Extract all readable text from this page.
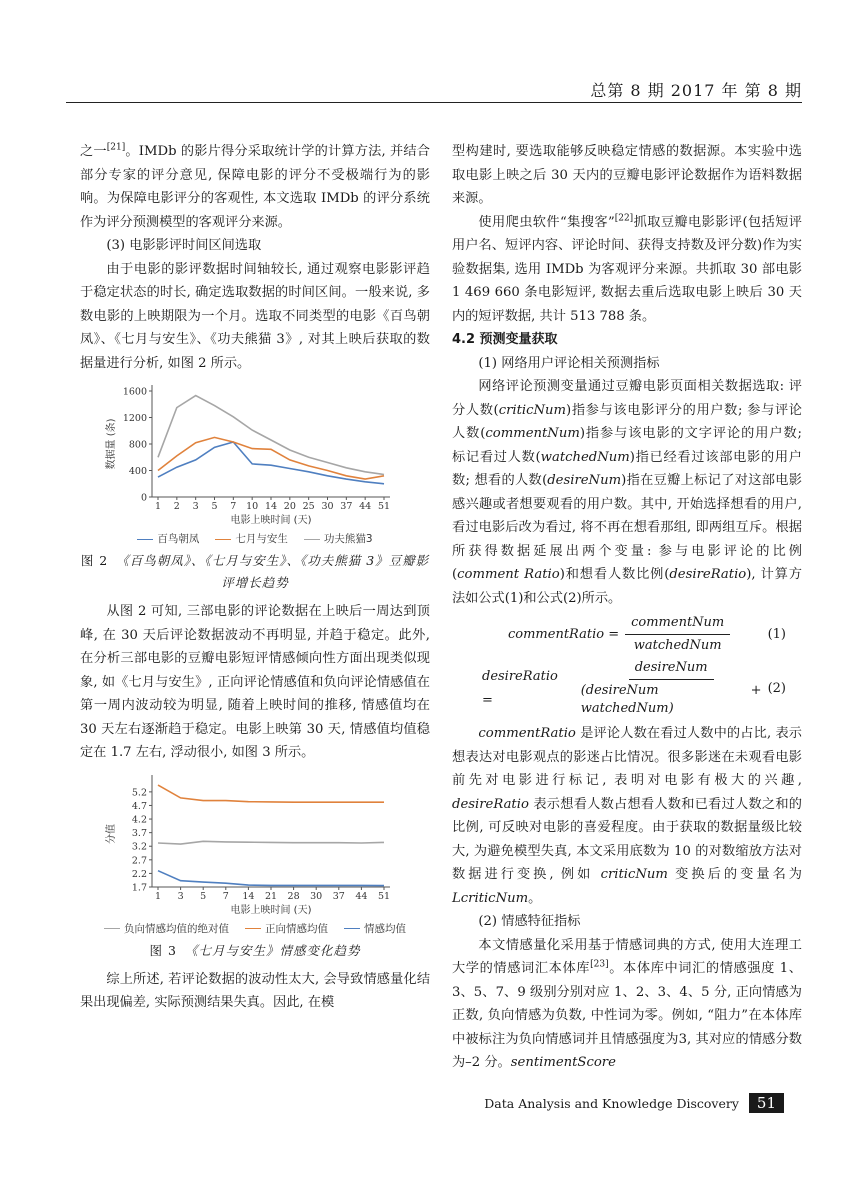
总第 8 期 2017 年 第 8 期

之一[21]。IMDb 的影片得分采取统计学的计算方法, 并结合部分专家的评分意见, 保障电影的评分不受极端行为的影响。为保障电影评分的客观性, 本文选取 IMDb 的评分系统作为评分预测模型的客观评分来源。

(3) 电影影评时间区间选取

由于电影的影评数据时间轴较长, 通过观察电影影评趋于稳定状态的时长, 确定选取数据的时间区间。一般来说, 多数电影的上映期限为一个月。选取不同类型的电影《百鸟朝凤》、《七月与安生》、《功夫熊猫 3》, 对其上映后获取的数据量进行分析, 如图 2 所示。

0
400
800
1200
1600
1 2 3 5 7 10 14 20 25 30 37 44 51
电影上映时间 (天)
数据量 (条)
百鸟朝凤	七月与安生	功夫熊猫3
图 2 《百鸟朝凤》、《七月与安生》、《功夫熊猫 3》豆瓣影评增长趋势

从图 2 可知, 三部电影的评论数据在上映后一周达到顶峰, 在 30 天后评论数据波动不再明显, 并趋于稳定。此外, 在分析三部电影的豆瓣电影短评情感倾向性方面出现类似现象, 如《七月与安生》, 正向评论情感值和负向评论情感值在第一周内波动较为明显, 随着上映时间的推移, 情感值均在 30 天左右逐渐趋于稳定。电影上映第 30 天, 情感值均值稳定在 1.7 左右, 浮动很小, 如图 3 所示。

1.7
2.2
2.7
3.2
3.7
4.2
4.7
5.2
1 3 5 7 14 21 28 30 37 44 51
电影上映时间 (天)
分值
负向情感均值的绝对值	正向情感均值	情感均值
图 3 《七月与安生》情感变化趋势

综上所述, 若评论数据的波动性太大, 会导致情感量化结果出现偏差, 实际预测结果失真。因此, 在模

型构建时, 要选取能够反映稳定情感的数据源。本实验中选取电影上映之后 30 天内的豆瓣电影评论数据作为语料数据来源。

使用爬虫软件“集搜客”[22]抓取豆瓣电影影评(包括短评用户名、短评内容、评论时间、获得支持数及评分数)作为实验数据集, 选用 IMDb 为客观评分来源。共抓取 30 部电影 1 469 660 条电影短评, 数据去重后选取电影上映后 30 天内的短评数据, 共计 513 788 条。

4.2 预测变量获取

(1) 网络用户评论相关预测指标

网络评论预测变量通过豆瓣电影页面相关数据选取: 评分人数(criticNum)指参与该电影评分的用户数; 参与评论人数(commentNum)指参与该电影的文字评论的用户数; 标记看过人数(watchedNum)指已经看过该部电影的用户数; 想看的人数(desireNum)指在豆瓣上标记了对这部电影感兴趣或者想要观看的用户数。其中, 开始选择想看的用户, 看过电影后改为看过, 将不再在想看那组, 即两组互斥。根据所获得数据延展出两个变量: 参与电影评论的比例(comment Ratio)和想看人数比例(desireRatio), 计算方法如公式(1)和公式(2)所示。

commentRatio = $\frac{\text{commentNum}}{\text{watchedNum}}$	(1)
desireRatio =	$\frac{\text{desireNum}}{\text{(desireNum + watchedNum)}} (2)$

commentRatio 是评论人数在看过人数中的占比, 表示想表达对电影观点的影迷占比情况。很多影迷在未观看电影前先对电影进行标记, 表明对电影有极大的兴趣, desireRatio 表示想看人数占想看人数和已看过人数之和的比例, 可反映对电影的喜爱程度。由于获取的数据量级比较大, 为避免模型失真, 本文采用底数为 10 的对数缩放方法对数据进行变换, 例如 criticNum 变换后的变量名为 LcriticNum。

(2) 情感特征指标

本文情感量化采用基于情感词典的方式, 使用大连理工大学的情感词汇本体库[23]。本体库中词汇的情感强度 1、3、5、7、9 级别分别对应 1、2、3、4、5 分, 正向情感为正数, 负向情感为负数, 中性词为零。例如, “阻力”在本体库中被标注为负向情感词并且情感强度为3, 其对应的情感分数为–2 分。sentimentScore

Data Analysis and Knowledge Discovery	51
